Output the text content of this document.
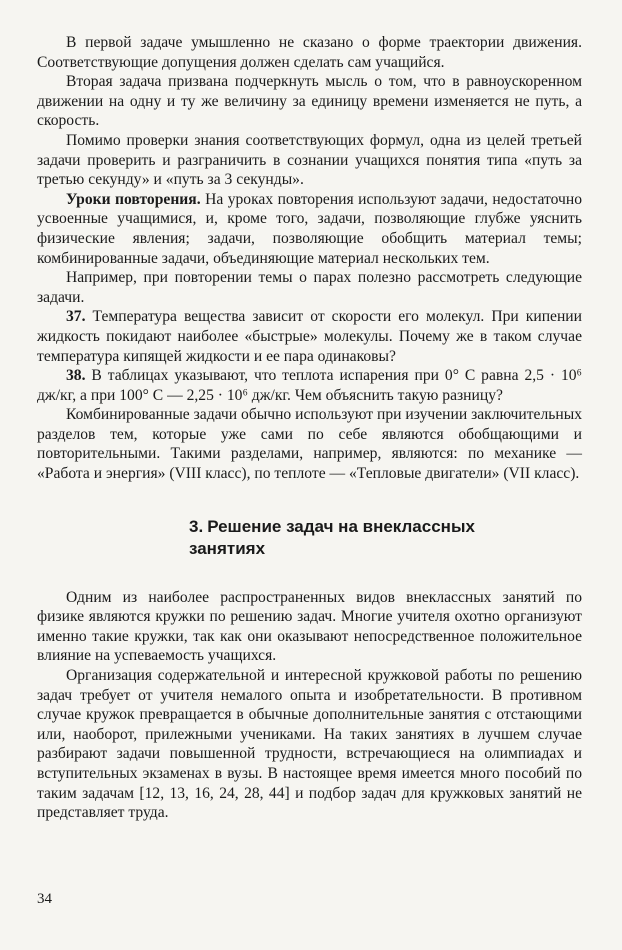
В первой задаче умышленно не сказано о форме траектории движения. Соответствующие допущения должен сделать сам учащийся.

Вторая задача призвана подчеркнуть мысль о том, что в равноускоренном движении на одну и ту же величину за единицу времени изменяется не путь, а скорость.

Помимо проверки знания соответствующих формул, одна из целей третьей задачи проверить и разграничить в сознании учащихся понятия типа «путь за третью секунду» и «путь за 3 секунды».

Уроки повторения. На уроках повторения используют задачи, недостаточно усвоенные учащимися, и, кроме того, задачи, позволяющие глубже уяснить физические явления; задачи, позволяющие обобщить материал темы; комбинированные задачи, объединяющие материал нескольких тем.

Например, при повторении темы о парах полезно рассмотреть следующие задачи.

37. Температура вещества зависит от скорости его молекул. При кипении жидкость покидают наиболее «быстрые» молекулы. Почему же в таком случае температура кипящей жидкости и ее пара одинаковы?

38. В таблицах указывают, что теплота испарения при 0° С равна 2,5 · 10⁶ дж/кг, а при 100° С — 2,25 · 10⁶ дж/кг. Чем объяснить такую разницу?

Комбинированные задачи обычно используют при изучении заключительных разделов тем, которые уже сами по себе являются обобщающими и повторительными. Такими разделами, например, являются: по механике — «Работа и энергия» (VIII класс), по теплоте — «Тепловые двигатели» (VII класс).

3. Решение задач на внеклассных
занятиях

Одним из наиболее распространенных видов внеклассных занятий по физике являются кружки по решению задач. Многие учителя охотно организуют именно такие кружки, так как они оказывают непосредственное положительное влияние на успеваемость учащихся.

Организация содержательной и интересной кружковой работы по решению задач требует от учителя немалого опыта и изобретательности. В противном случае кружок превращается в обычные дополнительные занятия с отстающими или, наоборот, прилежными учениками. На таких занятиях в лучшем случае разбирают задачи повышенной трудности, встречающиеся на олимпиадах и вступительных экзаменах в вузы. В настоящее время имеется много пособий по таким задачам [12, 13, 16, 24, 28, 44] и подбор задач для кружковых занятий не представляет труда.

34
